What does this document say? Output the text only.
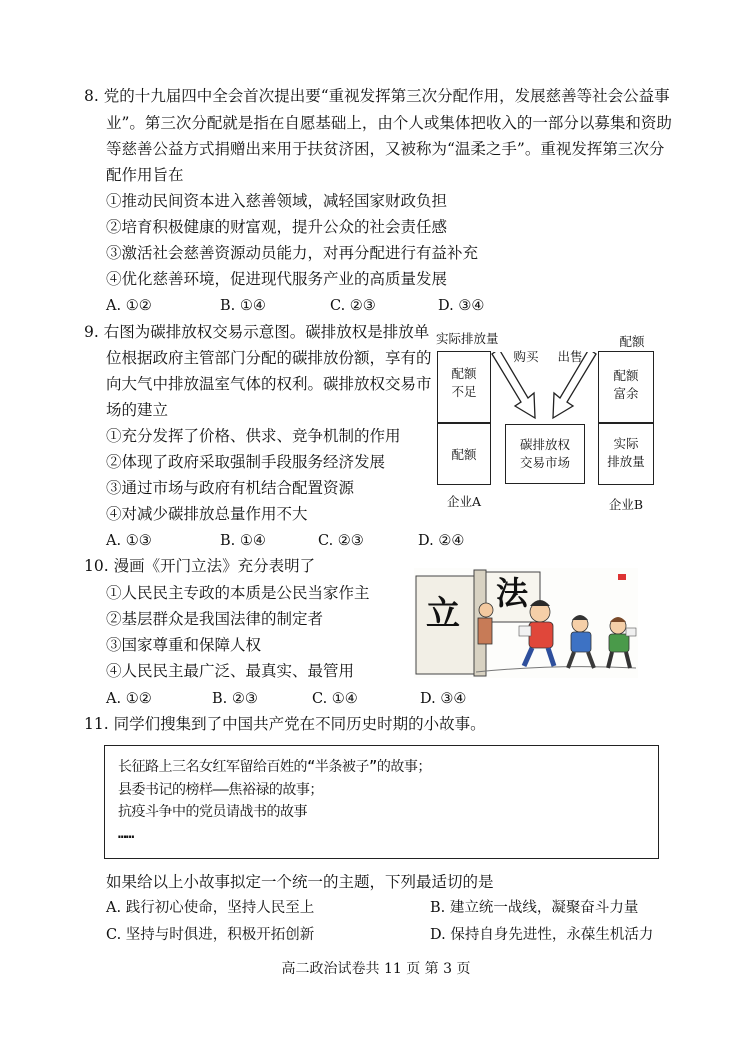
8. 党的十九届四中全会首次提出要“重视发挥第三次分配作用，发展慈善等社会公益事
业”。第三次分配就是指在自愿基础上，由个人或集体把收入的一部分以募集和资助
等慈善公益方式捐赠出来用于扶贫济困，又被称为“温柔之手”。重视发挥第三次分
配作用旨在
①推动民间资本进入慈善领域，减轻国家财政负担
②培育积极健康的财富观，提升公众的社会责任感
③激活社会慈善资源动员能力，对再分配进行有益补充
④优化慈善环境，促进现代服务产业的高质量发展
A. ①②	B. ①④	C. ②③	D. ③④
9. 右图为碳排放权交易示意图。碳排放权是排放单
位根据政府主管部门分配的碳排放份额，享有的
向大气中排放温室气体的权利。碳排放权交易市
场的建立
①充分发挥了价格、供求、竞争机制的作用
②体现了政府采取强制手段服务经济发展
③通过市场与政府有机结合配置资源
④对减少碳排放总量作用不大
A. ①③	B. ①④	C. ②③	D. ②④
实际排放量	配额
购买	出售
配额
不足
配额
碳排放权
交易市场
配额
富余
实际
排放量
企业A	企业B
10. 漫画《开门立法》充分表明了
①人民民主专政的本质是公民当家作主
②基层群众是我国法律的制定者
③国家尊重和保障人权
④人民民主最广泛、最真实、最管用
A. ①②	B. ②③	C. ①④	D. ③④
立
法
11. 同学们搜集到了中国共产党在不同历史时期的小故事。
长征路上三名女红军留给百姓的“半条被子”的故事；
县委书记的榜样——焦裕禄的故事；
抗疫斗争中的党员请战书的故事
……
如果给以上小故事拟定一个统一的主题，下列最适切的是
A. 践行初心使命，坚持人民至上	B. 建立统一战线，凝聚奋斗力量
C. 坚持与时俱进，积极开拓创新	D. 保持自身先进性，永葆生机活力
高二政治试卷共 11 页 第 3 页
